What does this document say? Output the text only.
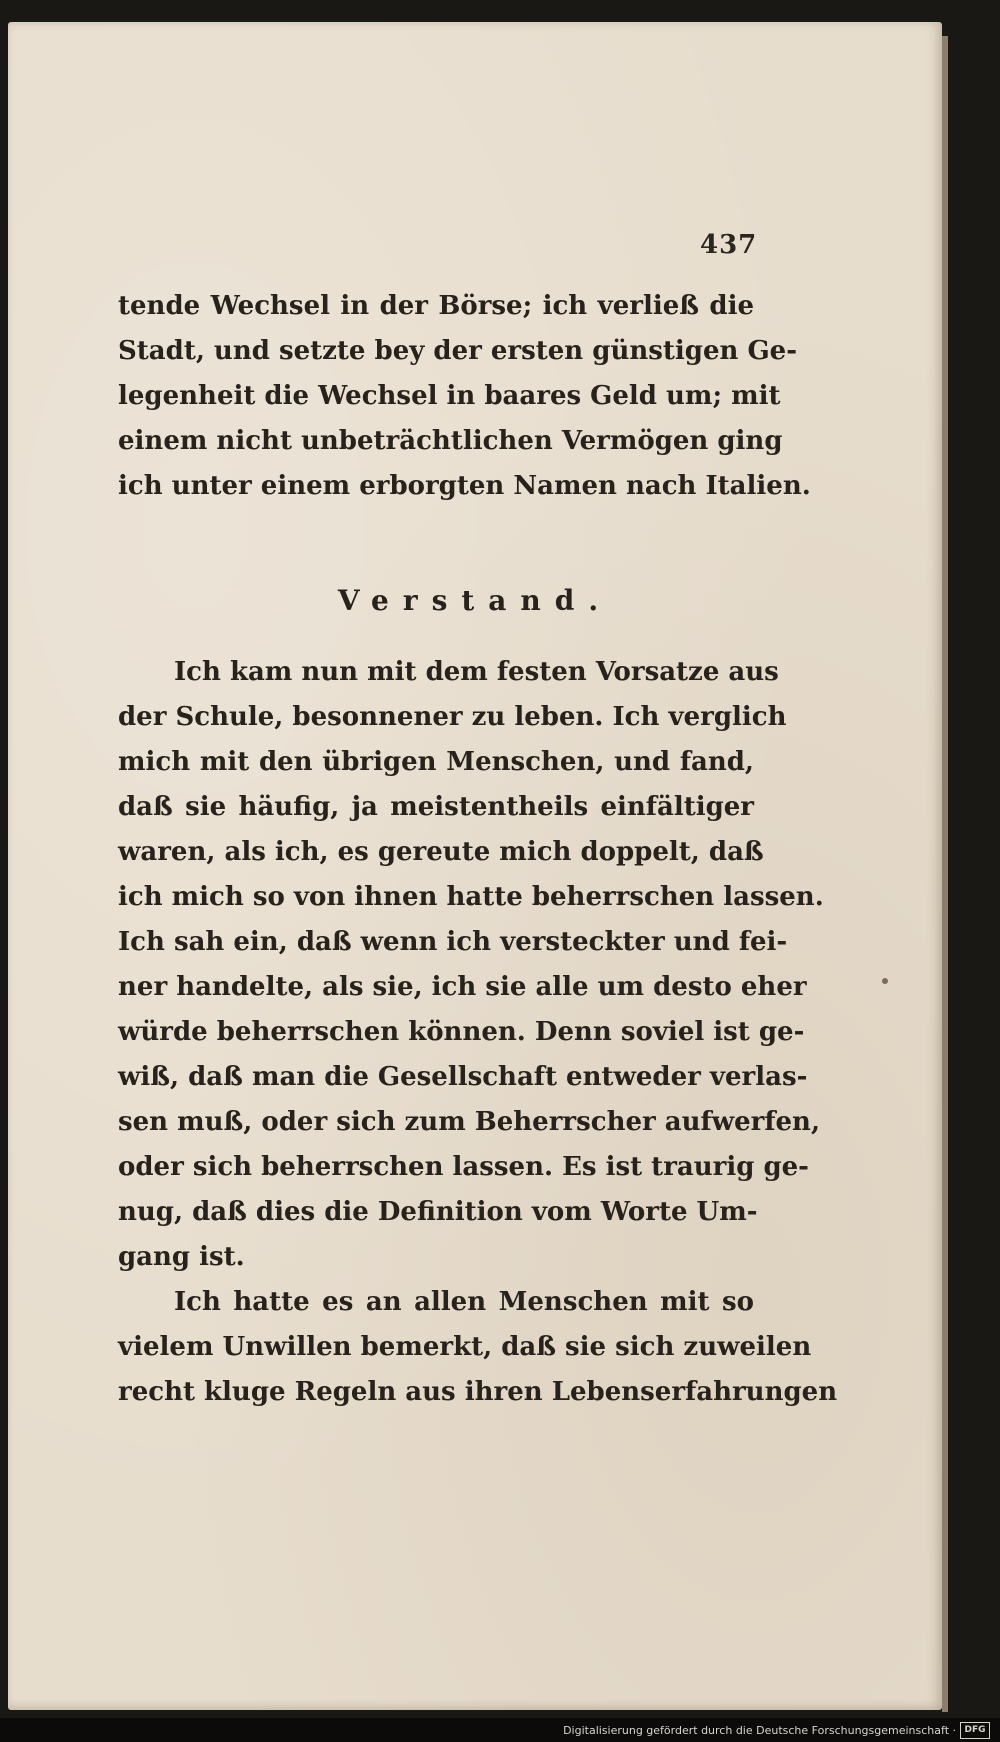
437
tende Wechsel in der Börse; ich verließ die
Stadt, und setzte bey der ersten günstigen Ge-
legenheit die Wechsel in baares Geld um; mit
einem nicht unbeträchtlichen Vermögen ging
ich unter einem erborgten Namen nach Italien.
Verstand.
Ich kam nun mit dem festen Vorsatze aus
der Schule, besonnener zu leben. Ich verglich
mich mit den übrigen Menschen, und fand,
daß sie häufig, ja meistentheils einfältiger
waren, als ich, es gereute mich doppelt, daß
ich mich so von ihnen hatte beherrschen lassen.
Ich sah ein, daß wenn ich versteckter und fei-
ner handelte, als sie, ich sie alle um desto eher
würde beherrschen können. Denn soviel ist ge-
wiß, daß man die Gesellschaft entweder verlas-
sen muß, oder sich zum Beherrscher aufwerfen,
oder sich beherrschen lassen. Es ist traurig ge-
nug, daß dies die Definition vom Worte Um-
gang ist.
Ich hatte es an allen Menschen mit so
vielem Unwillen bemerkt, daß sie sich zuweilen
recht kluge Regeln aus ihren Lebenserfahrungen
Digitalisierung gefördert durch die Deutsche Forschungsgemeinschaft · DFG
